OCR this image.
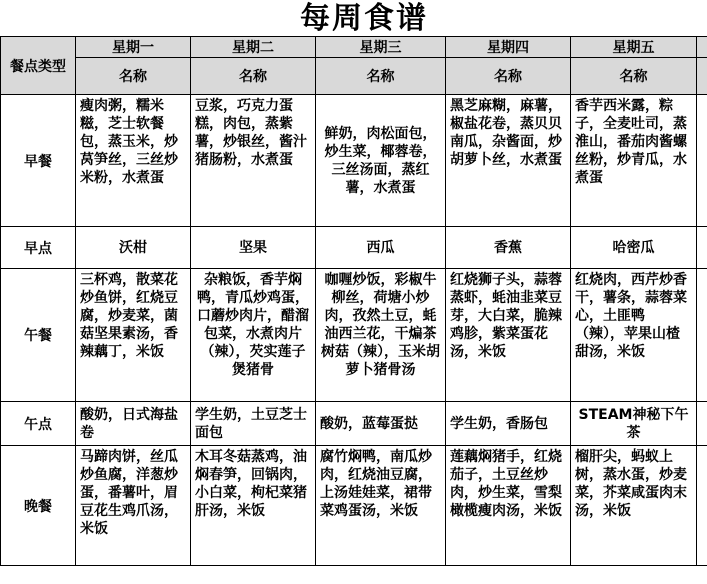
每周食谱
餐点类型	星期一	星期二	星期三	星期四	星期五	
	名称	名称	名称	名称	名称	
早餐	瘦肉粥，糯米糍，芝士软餐包，蒸玉米，炒莴笋丝，三丝炒米粉，水煮蛋	豆浆，巧克力蛋糕，肉包，蒸紫薯，炒银丝，酱汁猪肠粉，水煮蛋	鲜奶，肉松面包，炒生菜，椰蓉卷，三丝汤面，蒸红薯，水煮蛋	黑芝麻糊，麻薯，椒盐花卷，蒸贝贝南瓜，杂酱面，炒胡萝卜丝，水煮蛋	香芋西米露，粽子，全麦吐司，蒸淮山，番茄肉酱螺丝粉，炒青瓜，水煮蛋	
早点	沃柑	坚果	西瓜	香蕉	哈密瓜	
午餐	三杯鸡，散菜花炒鱼饼，红烧豆腐，炒麦菜，菌菇坚果素汤，香辣藕丁，米饭	杂粮饭，香芋焖鸭，青瓜炒鸡蛋，口蘑炒肉片，醋溜包菜，水煮肉片（辣），芡实莲子煲猪骨	咖喱炒饭，彩椒牛柳丝，荷塘小炒肉，孜然土豆，蚝油西兰花，干煸茶树菇（辣），玉米胡萝卜猪骨汤	红烧狮子头，蒜蓉蒸虾，蚝油韭菜豆芽，大白菜，脆辣鸡胗，紫菜蛋花汤，米饭	红烧肉，西芹炒香干，薯条，蒜蓉菜心，土匪鸭（辣），苹果山楂甜汤，米饭	
午点	酸奶，日式海盐卷	学生奶，土豆芝士面包	酸奶，蓝莓蛋挞	学生奶，香肠包	STEAM神秘下午茶	
晚餐	马蹄肉饼，丝瓜炒鱼腐，洋葱炒蛋，番薯叶，眉豆花生鸡爪汤，米饭	木耳冬菇蒸鸡，油焖春笋，回锅肉，小白菜，枸杞菜猪肝汤，米饭	腐竹焖鸭，南瓜炒肉，红烧油豆腐，上汤娃娃菜，裙带菜鸡蛋汤，米饭	莲藕焖猪手，红烧茄子，土豆丝炒肉，炒生菜，雪梨橄榄瘦肉汤，米饭	榴肝尖，蚂蚁上树，蒸水蛋，炒麦菜，芥菜咸蛋肉末汤，米饭	
